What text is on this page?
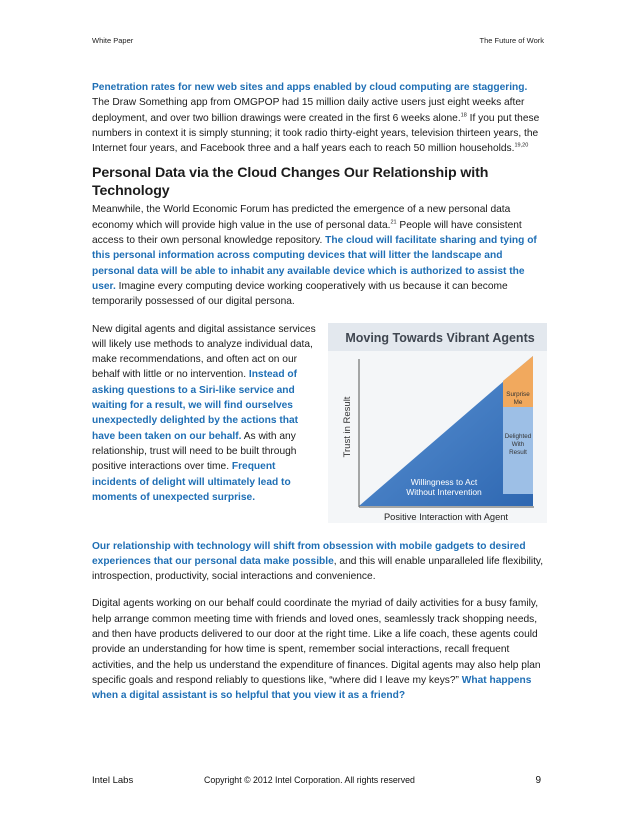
White Paper	The Future of Work

Penetration rates for new web sites and apps enabled by cloud computing are staggering. The Draw Something app from OMGPOP had 15 million daily active users just eight weeks after deployment, and over two billion drawings were created in the first 6 weeks alone.$^{18}$ If you put these numbers in context it is simply stunning; it took radio thirty-eight years, television thirteen years, the Internet four years, and Facebook three and a half years each to reach 50 million households.$^{19,20}$

Personal Data via the Cloud Changes Our Relationship with Technology

Meanwhile, the World Economic Forum has predicted the emergence of a new personal data economy which will provide high value in the use of personal data.$^{21}$ People will have consistent access to their own personal knowledge repository. The cloud will facilitate sharing and tying of this personal information across computing devices that will litter the landscape and personal data will be able to inhabit any available device which is authorized to assist the user. Imagine every computing device working cooperatively with us because it can become temporarily possessed of our digital persona.

Moving Towards Vibrant Agents
Trust in Result
Surprise
Me
Delighted
With
Result
Willingness to Act
Without Intervention
Positive Interaction with Agent

New digital agents and digital assistance services will likely use methods to analyze individual data, make recommendations, and often act on our behalf with little or no intervention. Instead of asking questions to a Siri-like service and waiting for a result, we will find ourselves unexpectedly delighted by the actions that have been taken on our behalf. As with any relationship, trust will need to be built through positive interactions over time. Frequent incidents of delight will ultimately lead to moments of unexpected surprise.

Our relationship with technology will shift from obsession with mobile gadgets to desired experiences that our personal data make possible, and this will enable unparalleled life flexibility, introspection, productivity, social interactions and convenience.

Digital agents working on our behalf could coordinate the myriad of daily activities for a busy family, help arrange common meeting time with friends and loved ones, seamlessly track shopping needs, and then have products delivered to our door at the right time. Like a life coach, these agents could provide an understanding for how time is spent, remember social interactions, recall frequent activities, and the help us understand the expenditure of finances. Digital agents may also help plan specific goals and respond reliably to questions like, “where did I leave my keys?” What happens when a digital assistant is so helpful that you view it as a friend?

Intel Labs	Copyright © 2012 Intel Corporation. All rights reserved	9
